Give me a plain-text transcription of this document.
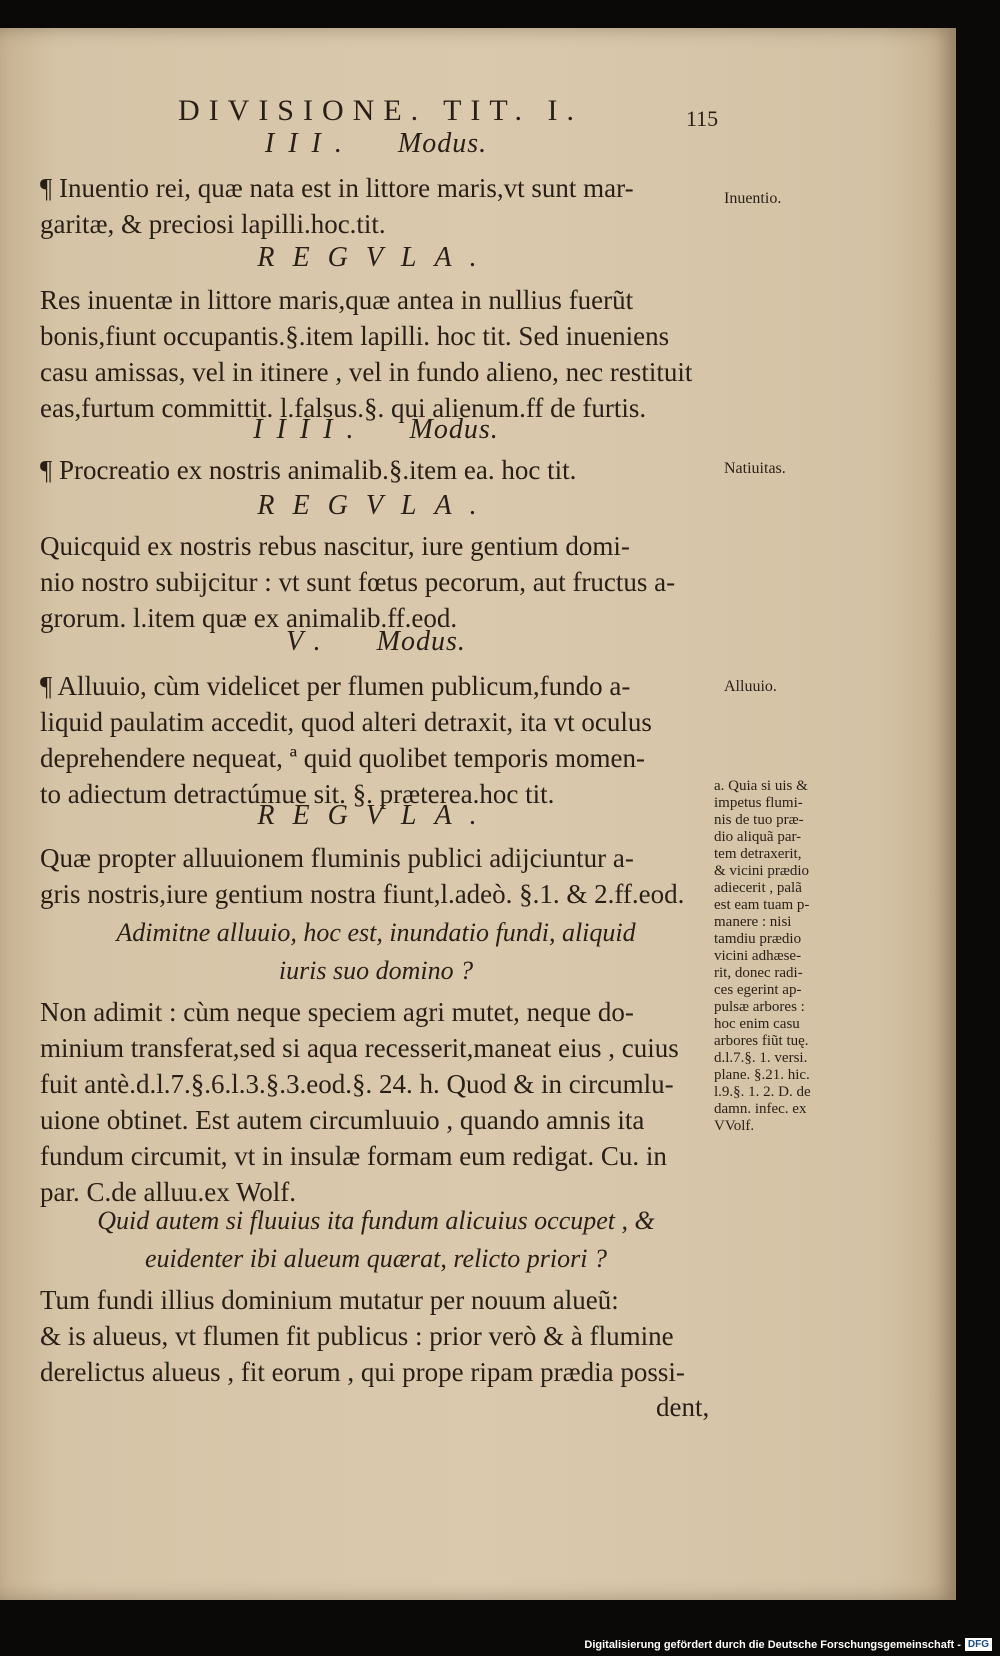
DIVISIONE. TIT. I.	115
III. Modus.
¶ Inuentio rei, quæ nata est in littore maris,vt sunt mar-
garitæ, & preciosi lapilli.hoc.tit.
REGVLA.
Res inuentæ in littore maris,quæ antea in nullius fuerũt
bonis,fiunt occupantis.§.item lapilli. hoc tit. Sed inueniens
casu amissas, vel in itinere , vel in fundo alieno, nec restituit
eas,furtum committit. l.falsus.§. qui alienum.ff de furtis.
IIII. Modus.
¶ Procreatio ex nostris animalib.§.item ea. hoc tit.
REGVLA.
Quicquid ex nostris rebus nascitur, iure gentium domi-
nio nostro subijcitur : vt sunt fœtus pecorum, aut fructus a-
grorum. l.item quæ ex animalib.ff.eod.
V. Modus.
¶ Alluuio, cùm videlicet per flumen publicum,fundo a-
liquid paulatim accedit, quod alteri detraxit, ita vt oculus
deprehendere nequeat, ª quid quolibet temporis momen-
to adiectum detractúmue sit. §. præterea.hoc tit.
REGVLA.
Quæ propter alluuionem fluminis publici adijciuntur a-
gris nostris,iure gentium nostra fiunt,l.adeò. §.1. & 2.ff.eod.
Adimitne alluuio, hoc est, inundatio fundi, aliquid
iuris suo domino ?
Non adimit : cùm neque speciem agri mutet, neque do-
minium transferat,sed si aqua recesserit,maneat eius , cuius
fuit antè.d.l.7.§.6.l.3.§.3.eod.§. 24. h. Quod & in circumlu-
uione obtinet. Est autem circumluuio , quando amnis ita
fundum circumit, vt in insulæ formam eum redigat. Cu. in
par. C.de alluu.ex Wolf.
Quid autem si fluuius ita fundum alicuius occupet , &
euidenter ibi alueum quærat, relicto priori ?
Tum fundi illius dominium mutatur per nouum alueũ:
& is alueus, vt flumen fit publicus : prior verò & à flumine
derelictus alueus , fit eorum , qui prope ripam prædia possi-
dent,
Inuentio.
Natiuitas.
Alluuio.
a. Quia si uis &
impetus flumi-
nis de tuo præ-
dio aliquã par-
tem detraxerit,
& vicini prædio
adiecerit , palã
est eam tuam p-
manere : nisi
tamdiu prædio
vicini adhæse-
rit, donec radi-
ces egerint ap-
pulsæ arbores :
hoc enim casu
arbores fiũt tuę.
d.l.7.§. 1. versi.
plane. §.21. hic.
l.9.§. 1. 2. D. de
damn. infec. ex
VVolf.
Digitalisierung gefördert durch die Deutsche Forschungsgemeinschaft - DFG
